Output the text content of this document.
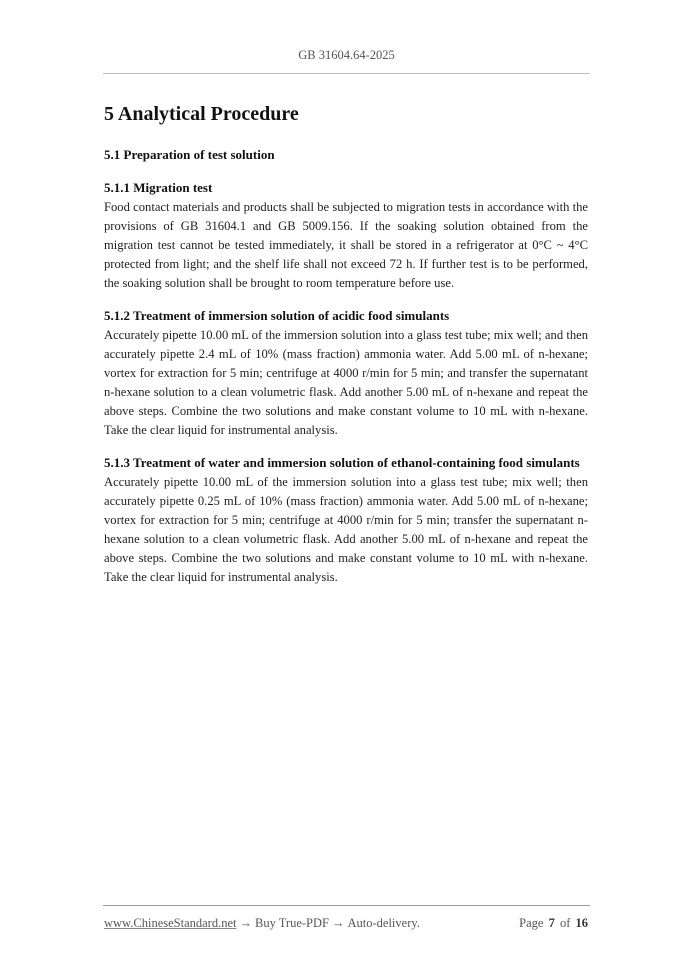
GB 31604.64-2025
5 Analytical Procedure
5.1 Preparation of test solution
5.1.1 Migration test

Food contact materials and products shall be subjected to migration tests in accordance with the provisions of GB 31604.1 and GB 5009.156. If the soaking solution obtained from the migration test cannot be tested immediately, it shall be stored in a refrigerator at 0°C ~ 4°C protected from light; and the shelf life shall not exceed 72 h. If further test is to be performed, the soaking solution shall be brought to room temperature before use.

5.1.2 Treatment of immersion solution of acidic food simulants

Accurately pipette 10.00 mL of the immersion solution into a glass test tube; mix well; and then accurately pipette 2.4 mL of 10% (mass fraction) ammonia water. Add 5.00 mL of n-hexane; vortex for extraction for 5 min; centrifuge at 4000 r/min for 5 min; and transfer the supernatant n-hexane solution to a clean volumetric flask. Add another 5.00 mL of n-hexane and repeat the above steps. Combine the two solutions and make constant volume to 10 mL with n-hexane. Take the clear liquid for instrumental analysis.

5.1.3 Treatment of water and immersion solution of ethanol-containing food simulants

Accurately pipette 10.00 mL of the immersion solution into a glass test tube; mix well; then accurately pipette 0.25 mL of 10% (mass fraction) ammonia water. Add 5.00 mL of n-hexane; vortex for extraction for 5 min; centrifuge at 4000 r/min for 5 min; transfer the supernatant n-hexane solution to a clean volumetric flask. Add another 5.00 mL of n-hexane and repeat the above steps. Combine the two solutions and make constant volume to 10 mL with n-hexane. Take the clear liquid for instrumental analysis.

www.ChineseStandard.net → Buy True-PDF → Auto-delivery.	Page 7 of 16
